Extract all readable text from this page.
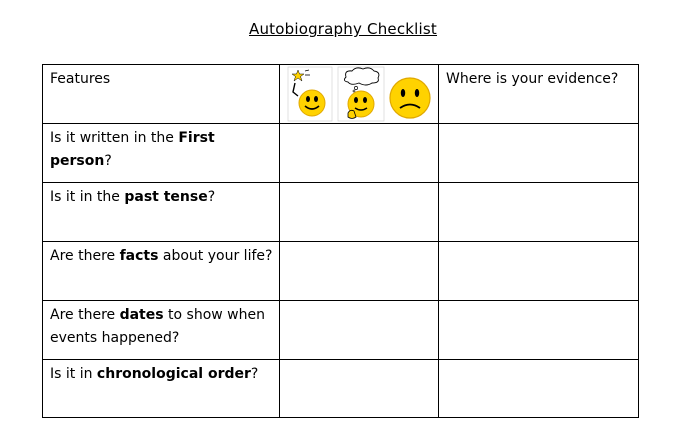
Autobiography Checklist
Features		Where is your evidence?

Is it written in the First person?		

Is it in the past tense?		

Are there facts about your life?		

Are there dates to show when events happened?		

Is it in chronological order?		
